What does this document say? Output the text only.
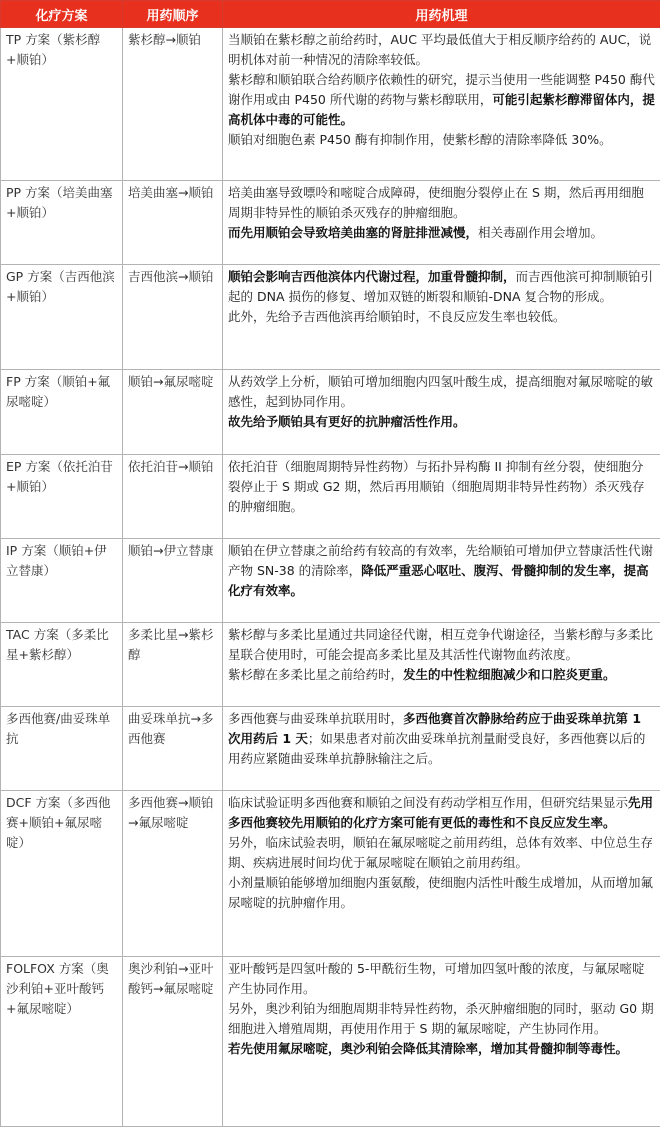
化疗方案	用药顺序	用药机理
TP 方案（紫杉醇+顺铂）	紫杉醇→顺铂	当顺铂在紫杉醇之前给药时，AUC 平均最低值大于相反顺序给药的 AUC，说明机体对前一种情况的清除率较低。

紫杉醇和顺铂联合给药顺序依赖性的研究，提示当使用一些能调整 P450 酶代谢作用或由 P450 所代谢的药物与紫杉醇联用，可能引起紫杉醇滞留体内，提高机体中毒的可能性。

顺铂对细胞色素 P450 酶有抑制作用，使紫杉醇的清除率降低 30%。

PP 方案（培美曲塞+顺铂）	培美曲塞→顺铂	培美曲塞导致嘌呤和嘧啶合成障碍，使细胞分裂停止在 S 期，然后再用细胞周期非特异性的顺铂杀灭残存的肿瘤细胞。

而先用顺铂会导致培美曲塞的肾脏排泄减慢，相关毒副作用会增加。

GP 方案（吉西他滨+顺铂）	吉西他滨→顺铂	顺铂会影响吉西他滨体内代谢过程，加重骨髓抑制，而吉西他滨可抑制顺铂引起的 DNA 损伤的修复、增加双链的断裂和顺铂-DNA 复合物的形成。

此外，先给予吉西他滨再给顺铂时，不良反应发生率也较低。

FP 方案（顺铂+氟尿嘧啶）	顺铂→氟尿嘧啶	从药效学上分析，顺铂可增加细胞内四氢叶酸生成，提高细胞对氟尿嘧啶的敏感性，起到协同作用。

故先给予顺铂具有更好的抗肿瘤活性作用。

EP 方案（依托泊苷+顺铂）	依托泊苷→顺铂	依托泊苷（细胞周期特异性药物）与拓扑异构酶 II 抑制有丝分裂，使细胞分裂停止于 S 期或 G2 期，然后再用顺铂（细胞周期非特异性药物）杀灭残存的肿瘤细胞。

IP 方案（顺铂+伊立替康）	顺铂→伊立替康	顺铂在伊立替康之前给药有较高的有效率，先给顺铂可增加伊立替康活性代谢产物 SN-38 的清除率，降低严重恶心呕吐、腹泻、骨髓抑制的发生率，提高化疗有效率。

TAC 方案（多柔比星+紫杉醇）	多柔比星→紫杉醇	紫杉醇与多柔比星通过共同途径代谢，相互竞争代谢途径，当紫杉醇与多柔比星联合使用时，可能会提高多柔比星及其活性代谢物血药浓度。

紫杉醇在多柔比星之前给药时，发生的中性粒细胞减少和口腔炎更重。

多西他赛/曲妥珠单抗	曲妥珠单抗→多西他赛	多西他赛与曲妥珠单抗联用时，多西他赛首次静脉给药应于曲妥珠单抗第 1 次用药后 1 天；如果患者对前次曲妥珠单抗剂量耐受良好，多西他赛以后的用药应紧随曲妥珠单抗静脉输注之后。

DCF 方案（多西他赛+顺铂+氟尿嘧啶）	多西他赛→顺铂→氟尿嘧啶	临床试验证明多西他赛和顺铂之间没有药动学相互作用，但研究结果显示先用多西他赛较先用顺铂的化疗方案可能有更低的毒性和不良反应发生率。

另外，临床试验表明，顺铂在氟尿嘧啶之前用药组，总体有效率、中位总生存期、疾病进展时间均优于氟尿嘧啶在顺铂之前用药组。

小剂量顺铂能够增加细胞内蛋氨酸，使细胞内活性叶酸生成增加，从而增加氟尿嘧啶的抗肿瘤作用。

FOLFOX 方案（奥沙利铂+亚叶酸钙+氟尿嘧啶）	奥沙利铂→亚叶酸钙→氟尿嘧啶	亚叶酸钙是四氢叶酸的 5-甲酰衍生物，可增加四氢叶酸的浓度，与氟尿嘧啶产生协同作用。

另外，奥沙利铂为细胞周期非特异性药物，杀灭肿瘤细胞的同时，驱动 G0 期细胞进入增殖周期，再使用作用于 S 期的氟尿嘧啶，产生协同作用。

若先使用氟尿嘧啶，奥沙利铂会降低其清除率，增加其骨髓抑制等毒性。
